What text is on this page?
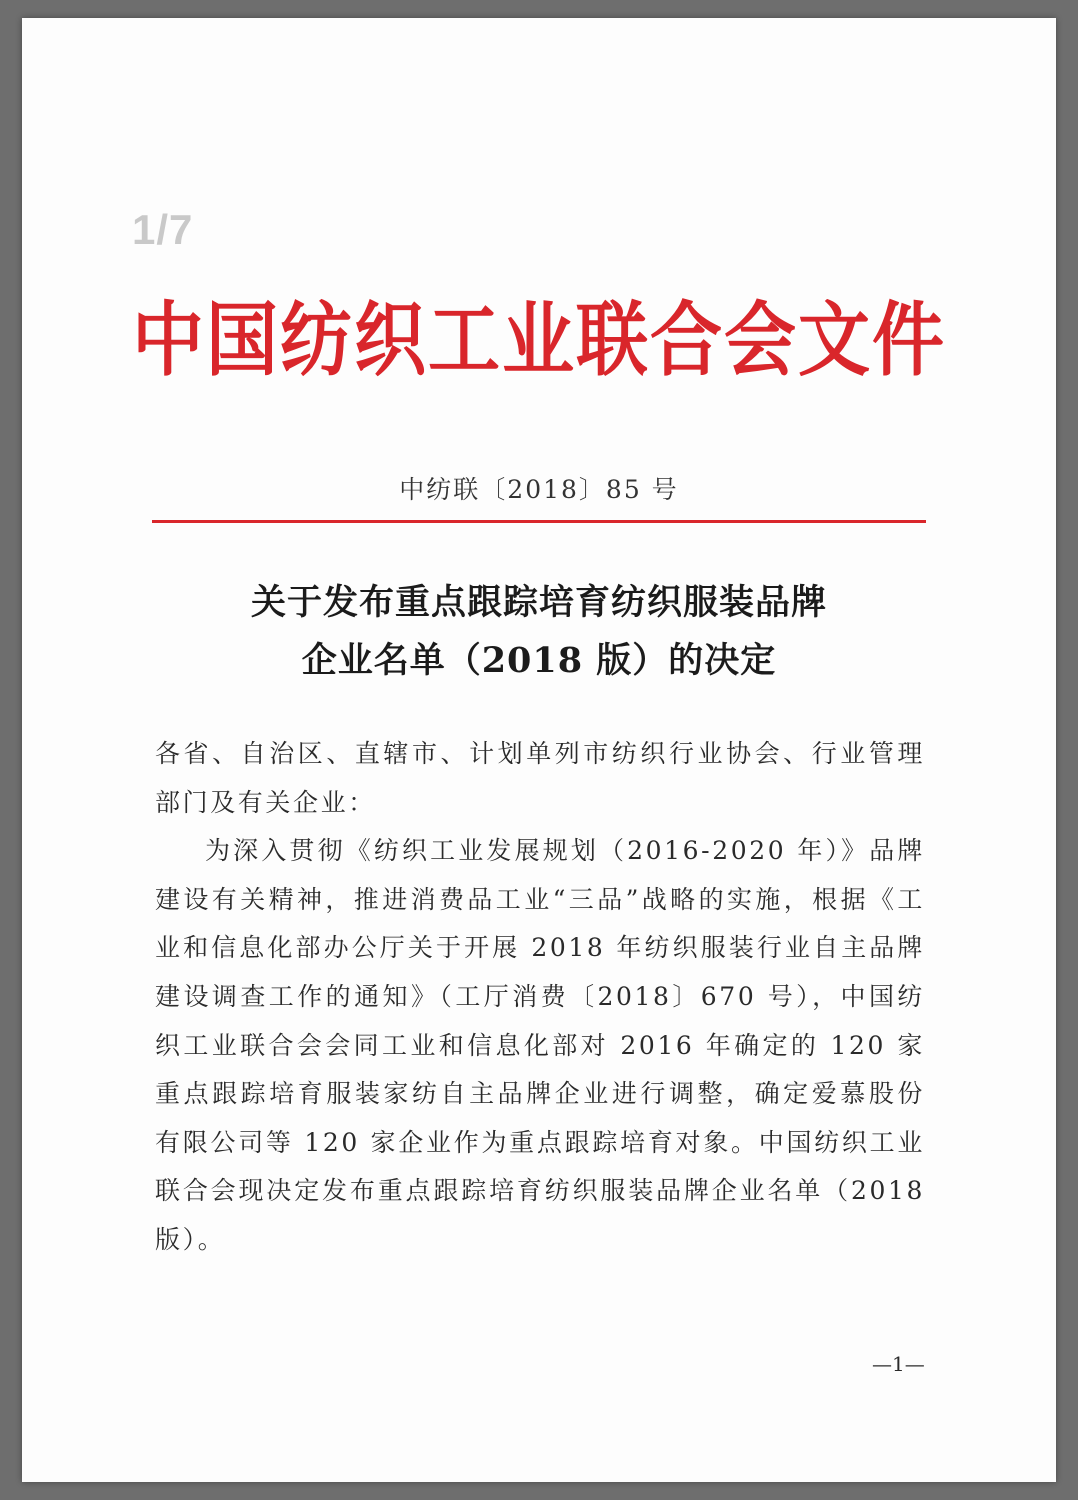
1/7
中国纺织工业联合会文件
中纺联〔2018〕85 号
关于发布重点跟踪培育纺织服装品牌
企业名单（2018 版）的决定

各省、自治区、直辖市、计划单列市纺织行业协会、行业管理部门及有关企业：

为深入贯彻《纺织工业发展规划（2016-2020 年）》品牌建设有关精神，推进消费品工业“三品”战略的实施，根据《工业和信息化部办公厅关于开展 2018 年纺织服装行业自主品牌建设调查工作的通知》（工厅消费〔2018〕670 号），中国纺织工业联合会会同工业和信息化部对 2016 年确定的 120 家重点跟踪培育服装家纺自主品牌企业进行调整，确定爱慕股份有限公司等 120 家企业作为重点跟踪培育对象。中国纺织工业联合会现决定发布重点跟踪培育纺织服装品牌企业名单（2018 版）。

—1—
